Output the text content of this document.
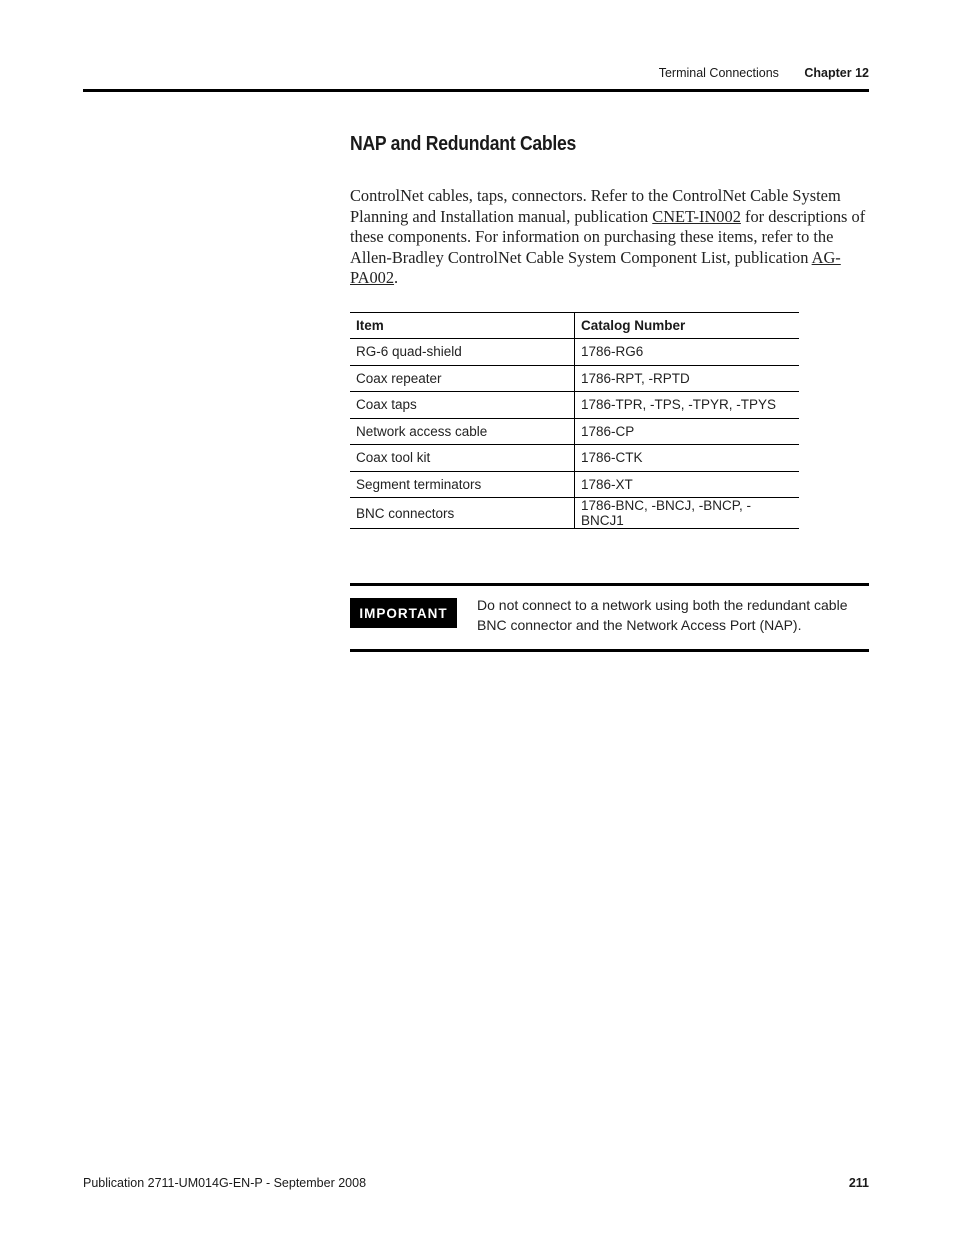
Terminal Connections Chapter 12
NAP and Redundant Cables

ControlNet cables, taps, connectors. Refer to the ControlNet Cable System Planning and Installation manual, publication CNET-IN002 for descriptions of these components. For information on purchasing these items, refer to the Allen-Bradley ControlNet Cable System Component List, publication AG-PA002.

Item	Catalog Number
RG-6 quad-shield	1786-RG6
Coax repeater	1786-RPT, -RPTD
Coax taps	1786-TPR, -TPS, -TPYR, -TPYS
Network access cable	1786-CP
Coax tool kit	1786-CTK
Segment terminators	1786-XT
BNC connectors	1786-BNC, -BNCJ, -BNCP, -BNCJ1
IMPORTANT	Do not connect to a network using both the redundant cable BNC connector and the Network Access Port (NAP).

Publication 2711-UM014G-EN-P - September 2008	211
